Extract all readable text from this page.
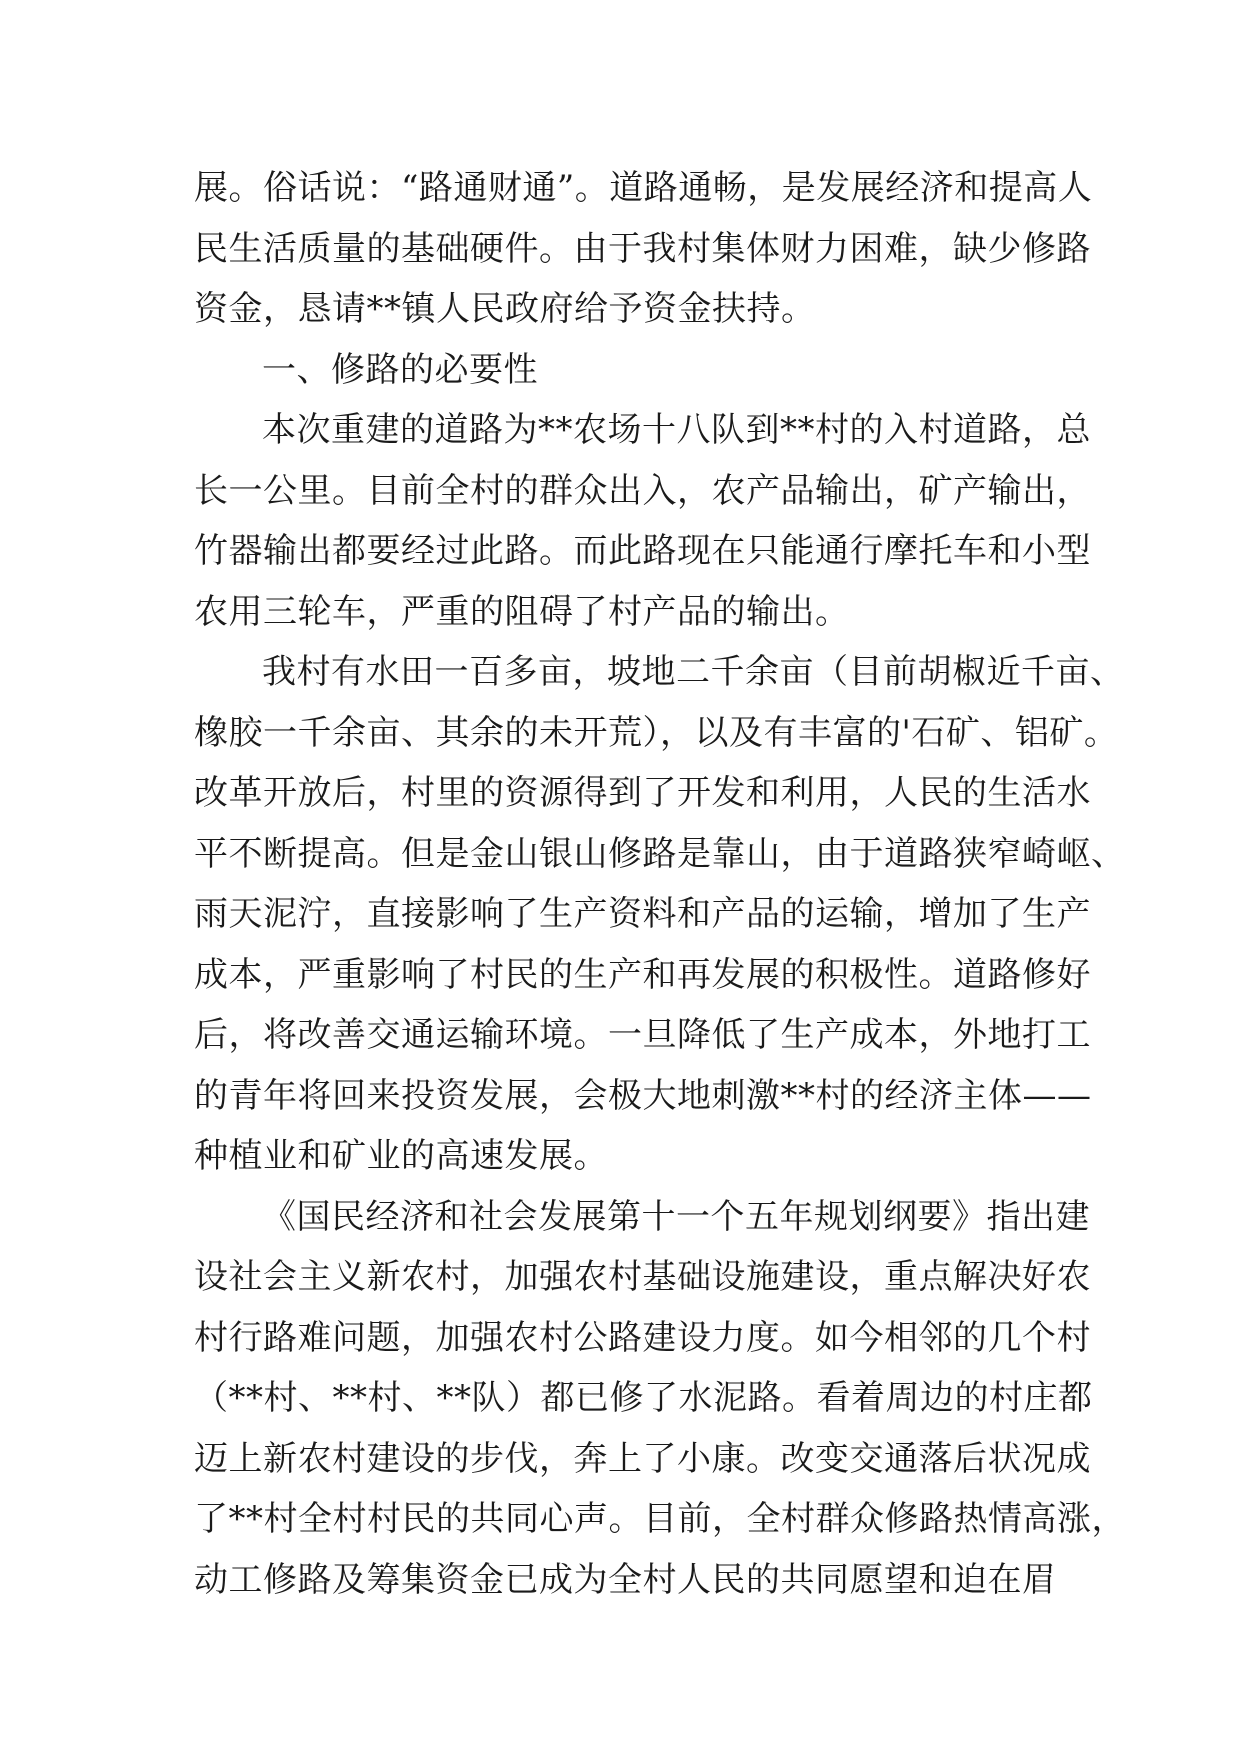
展。俗话说：“路通财通”。道路通畅，是发展经济和提高人
民生活质量的基础硬件。由于我村集体财力困难，缺少修路
资金，恳请**镇人民政府给予资金扶持。
一、修路的必要性
本次重建的道路为**农场十八队到**村的入村道路，总
长一公里。目前全村的群众出入，农产品输出，矿产输出，
竹器输出都要经过此路。而此路现在只能通行摩托车和小型
农用三轮车，严重的阻碍了村产品的输出。
我村有水田一百多亩，坡地二千余亩（目前胡椒近千亩、
橡胶一千余亩、其余的未开荒），以及有丰富的'石矿、铝矿。
改革开放后，村里的资源得到了开发和利用，人民的生活水
平不断提高。但是金山银山修路是靠山，由于道路狭窄崎岖、
雨天泥泞，直接影响了生产资料和产品的运输，增加了生产
成本，严重影响了村民的生产和再发展的积极性。道路修好
后，将改善交通运输环境。一旦降低了生产成本，外地打工
的青年将回来投资发展，会极大地刺激**村的经济主体——
种植业和矿业的高速发展。
《国民经济和社会发展第十一个五年规划纲要》指出建
设社会主义新农村，加强农村基础设施建设，重点解决好农
村行路难问题，加强农村公路建设力度。如今相邻的几个村
（**村、**村、**队）都已修了水泥路。看着周边的村庄都
迈上新农村建设的步伐，奔上了小康。改变交通落后状况成
了**村全村村民的共同心声。目前，全村群众修路热情高涨，
动工修路及筹集资金已成为全村人民的共同愿望和迫在眉
